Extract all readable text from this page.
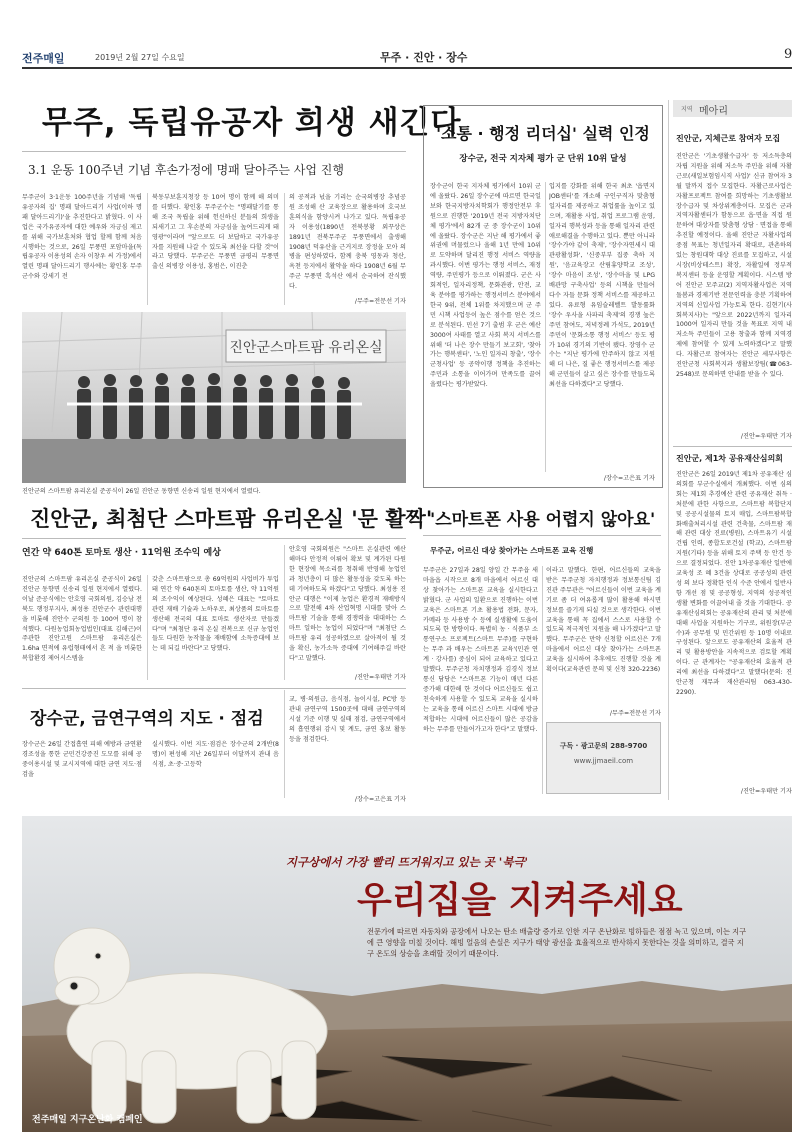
전주매일	2019년 2월 27일 수요일	무주 · 진안 · 장수	9
무주, 독립유공자 희생 새긴다
3.1 운동 100주년 기념 후손가정에 명패 달아주는 사업 진행
무주군이 3·1운동 100주년을 기념해 '독립유공자의 집' 명패 달아드리기 사업(이하 명패 달아드리기)'을 추진한다고 밝혔다. 이 사업은 국가유공자에 대한 예우와 자긍심 제고를 위해 국가보훈처와 협업 할께 함께 처음 시행하는 것으로, 26일 무풍면 포암마을(독립유공자 이용성의 손자 이창우 씨 가정)에서 열린 명패 달아드리기 행사에는 황인홍 무주군수와 강세기 전
북동부보훈지청장 등 10여 명이 함께 해 의미를 더했다. 황인홍 무주군수는 "명패달기를 통해 조국 독립을 위해 헌신하신 분들의 희생을 되새기고 그 후손분의 자긍심을 높여드리게 돼 영광"이라며 "앞으로도 더 보답하고 국가유공자를 지원해 나갈 수 있도록 최선을 다할 것"이라고 당했다. 무주군은 무풍면 금평리 무풍면 출신 의병장 이용성, 홍범은, 이진춘
의 공적과 넋을 기리는 순국의병장 추념공원 조성해 산 교육장으로 활용하며 호국보훈의식을 함양시켜 나가고 있다. 독립유공자 이용성(1890년 전북봉황 외꾸상은 1891년 전북무주군 무풍면에서 출생해 1908년 덕유산을 근거지로 장정을 모아 의병을 편성하였다, 함께 충북 영동과 청산, 옥천 등지에서 활약을 하다 1908년 6월 무주군 무풍면 흑석산 에서 순국하여 잔식했다.
/무주=전문선 기자
진안군스마트팜 유리온실
진안군의 스마트팜 유리온실 준공식이 26일 진안군 동향면 신송리 일원 현지에서 열렸다.
진안군, 최첨단 스마트팜 유리온실 '문 활짝'
연간 약 640톤 토마토 생산 · 11억원 조수익 예상
진안군의 스마트팜 유리온실 준공식이 26일 진안군 동향면 신송리 일원 현지에서 열렸다. 이날 준공식에는 안호영 국회의원, 김승남 전북도 행정부지사, 최성용 진안군수 관련대행을 비롯해 진안수 군의원 등 100여 명이 참석했다. 다원농업회농업법인(대표 김해근)이 주관한 진안고원 스마트팜 유리온실은 1.6ha 면적에 유럽형태에서 흔 적 을 비롯한 복합환경 제어시스템을
갖춘 스마트팜으로 총 69억원의 사업비가 투입돼 연간 약 640톤의 토마토를 생산, 약 11억원의 조수익이 예상된다. 성혜은 대표는 "토마토 관련 재배 기술과 노하우로, 최상품의 토마토를 생산해 전국의 대표 토마토 생산자로 만들겠다"며 "최첨단 유리 온실 전복으로 신규 농업인들도 다원한 농작물을 재배함에 소득증대에 보 는 데 되길 바란다"고 당했다.
안호영 국회의원은 "스마트 온실관련 예산 해마다 안정적 이뤄어 확보 및 계가된 다원한 현장에 목소리를 청취해 반영해 농업인과 청년층이 더 많은 활동성을 갖도록 하는 데 기여하도록 하겠다"고 당했다. 최성용 진안군 대행은 "이제 농업은 환경적 재배방식으로 발전해 4차 산업혁명 시대를 맞아 스마트팜 기술을 통해 경쟁력을 대대하는 스마트 일하는 농업이 되었다"며 "최첨단 스마트팜 유리 성공하였으로 살아적이 될 것을 확신, 농가소득 증대에 기여해주길 바란다"고 말했다.
/진안=우태만 기자
장수군, 금연구역의 지도 · 점검
장수군은 26일 간접흡연 피해 예방과 금연환경조성을 통한 군민건강증진 도모를 위해 공중이용시설 및 교시지역에 대한 금연 지도·점검을
실시했다. 이번 지도·점검은 장수군의 2개반(8명)이 편성해 지난 26일부터 이달까지 관내 음식점, 초·중·고등학
교, 병·의원급, 음식점, 놀이시설, PC방 등 관내 금연구역 1500곳에 대해 금연구역의 시설 기준 이행 및 실태 점검, 금연구역에서의 흡연행위 감시 및 계도, 금연 홍보 활동 등을 점검한다.
/장수=고은표 기자
'소통 · 행정 리더십' 실력 인정
장수군, 전국 지자체 평가 군 단위 10위 달성
장수군이 한국 지자체 평가에서 10위 군에 올랐다. 26일 장수군에 따르면 한국일보와 한국지방자치학회가 행정안전부 후원으로 진행한 '2019년 전국 지방자치단체 평가'에서 82개 군 중 장수군이 10위에 올랐다. 장수군은 지난 해 평가에서 좋 위권에 머물렀으나 올해 1년 만에 10위로 도약하며 달리진 행정 서비스 역량을 과시했다. 이번 평가는 행정 서비스, 재정 역량, 주민평가 등으로 이뤄졌다. 군은 사회적인, 일자리정책, 문화관광, 안전, 교육 분야를 평가하는 행정서비스 분야에서 한국 9위, 전체 1위를 차지했으며 군 주민 시책 사업등이 높은 점수를 얻은 것으로 분석된다. 민선 7기 출범 후 군은 예산 3000여 사태를 열고 사회 복지 서비스를 위해 '더 나은 장수 만들기 보고회', '찾아가는 행복센터', '노인 일자리 창출', '장수군청사업' 등 공약이행 정책을 추진하는 주민과 소통을 이어가며 만족도를 끌어 올렸다는 평가받았다.
입지를 강화를 위해 한국 최초 '읍면지 JOB센터'를 개소해 구인구직자 맞춤형 일자리를 제공하고 취업률을 높이고 있으며, 재활용 사업, 취업 프로그램 운영, 일자리 행복성과 등을 통해 일자리 관련 애로해결을 수행하고 있다. 뿐만 아니라 '장수가야 같이 축제', '장수자연세시 대 관광활성화', '신중부부 집중 축하 지원', '음교육장고 산림휴양학교 조성', '장수 마음이 조성', '장수마을 및 LPG배관망 구축사업' 등의 시책을 만들어 다수 자들 문화 정책 서비스를 제공하고 있다. 유료형 유임슬레벨트 발동률화 '장수 우사을 사파리 축제'의 경쟁 높은 주민 참여도, 저녁정례 가석도, 2019년 주민이 '문화소통 행정 서비스' 등도 평가 10위 경기의 기반이 됐다. 장영수 군수는 "지난 평가에 안주하지 않고 지원해 더 나은, 질 좋은 행정서비스를 제공해 군민들이 살고 싶은 장수를 만들도록 최선을 다하겠다"고 당했다.
/장수=고은표 기자
'스마트폰 사용 어렵지 않아요'
무주군, 어르신 대상 찾아가는 스마트폰 교육 진행
무주군은 27일과 28일 양일 간 무주읍 새마을읍 시작으로 8개 마을에서 어르신 대상 찾아가는 스마트폰 교육을 실시한다고 밝혔다. 군 사업의 일환으로 진행하는 이번 교육은 스마트폰 기초 활용법 전화, 문자, 카메라 등 사용방 수 등에 실생활에 도움이 되도록 한 방향이다. 특별히 농 · 식품부 소통연구소 프로젝트(스마트 무주)를 구현하는 무주 과 배우는 스마트폰 교육'(민관 연계 · 강사를) 중심이 되어 교육하고 있다고 말했다. 무주군청 자치행정과 김경식 정보통신 담당은 "스마트폰 기능이 매년 다른 증가해 대한해 한 것이다 어르신들도 쉽고 친숙하게 사용할 수 있도록 교육을 실시하는 교육을 통해 어르신 스마트 시대에 방금 적합하는 시대에 어르신들이 많은 공감을 하는 무주를 만들어가고자 한다"고 말했다.
이라고 말했다. 한편, 어르신들의 교육을 받은 무주군청 자치행정과 정보통신팀 김진관 주무관은 "어르신들이 이번 교육을 계기로 좀 더 여유롭게 많이 활용해 하시면 정보를 즐기게 되실 것으로 생각한다. 이번 교육을 통해 꼭 집에서 스스로 사용할 수 있도록 적극적인 지원을 해 나가겠다"고 말했다. 무주군은 만약 신청할 어르신은 7개 마을에서 어르신 대상 찾아가는 스마트폰 교육을 실시하여 추후에도 진행할 것을 계획이다(교육관련 문의 및 신청 320-2236)
/무주=전문선 기자
구독 · 광고문의 288-9700
www.jjmaeil.com
지역 메아리
진안군, 지체근로 참여자 모집
진안군은 '기초생활수급자' 등 저소득층의 자립 지원을 위해 저소득 주민을 위해 자활근로(새일보험임시직 사업)' 신규 참여자 3월 말까지 접수 모집한다. 자활근로사업은 자활프로젝트 참여를 희망하는 기초생활보장수급자 및 차상위계층이다. 모집은 군과 지역자활센터가 함동으로 읍·면을 직접 원문하여 대상자를 맞춤형 상담 · 면접을 통해 추진할 예정이다. 올해 진안군 자활사업의 중점 목표는 청년일자리 확대로, 관촌하의 있는 창원대학 대상 진료를 모집하고, 시설시장(비상테스트) 확장, 자활일에 정부적 복지센터 등을 운영할 계획이다. 시스템 방어 진안군 모주교(2) 지역자활사업은 지역 돌봄과 경제기반 전문인력을 충분 기획하여 지역의 신입사업 가능토록 한다. 김현기(사회복지사)는 "앞으로 2022년까지 일자리 1000여 일자리 만들 것을 목표로 지역 내 저소득 주민들이 고용 창출과 함께 지역경제에 참여할 수 있게 노력하겠다"고 말했다. 자활근로 참여자는 진안군 세부사항은 진안군청 사회복지과 생활보장팀(☎063-2548)로 문의하면 안내를 받을 수 있다.
/진안=우태만 기자
진안군, 제1차 공유재산심의회
진안군은 26일 2019년 제1차 공유재산 심의회를 부군수실에서 개최했다. 이번 심의회는 제1회 추경예산 관련 공유재산 취득 · 처분에 관한 사항으로, 스마트팜 복합단지 및 공공시설물의 토지 매입, 스마트팜복합화배출처리시설 관련 건축물, 스마트팜 재해 관련 대상 진료(병원), 스마트유기 시설 건립 인력, 종합도로건설 (학교), 스마트팜 지원(기타) 등을 위해 토지 주택 등 안건 등으로 결정되었다. 진안 1차공유재산 일반에 교육성 조 혜 3건을 상대로 공공성의 관련성 의 보다 정확한 인식 수준 안에서 일반사항 개선 점 및 공공형성, 지역의 성공적인 생활 변화를 이끌어내 줄 것을 기대한다. 공유재산심의회는 공유재산의 관리 및 처분에 대해 사업을 지원하는 기구로, 위원장(부군수)과 공무원 및 민간위원 등 10명 이내로 구성된다. 앞으로도 공유재산의 효율적 관리 및 활용방안을 지속적으로 검토할 계획이다. 군 관계자는 "공유재산의 효율적 관리에 최선을 다하겠다"고 말했다(문의: 진안군청 재무과 재산관리팀 063-430-2290).
/진안=우태만 기자
지구상에서 가장 빨리 뜨거워지고 있는 곳 '북극'
우리집을 지켜주세요
전문가에 따르면 자동차와 공장에서 나오는 탄소 배출량 증가로 인한 지구 온난화로 빙하들은 점점 녹고 있으며, 이는 지구에 큰 영향을 미칠 것이다. 해빙 얼음의 손실은 지구가 태양 광선을 효율적으로 반사하지 못한다는 것을 의미하고, 결국 지구 온도의 상승을 초래할 것이기 때문이다.
전주매일 지구온난화 캠페인
